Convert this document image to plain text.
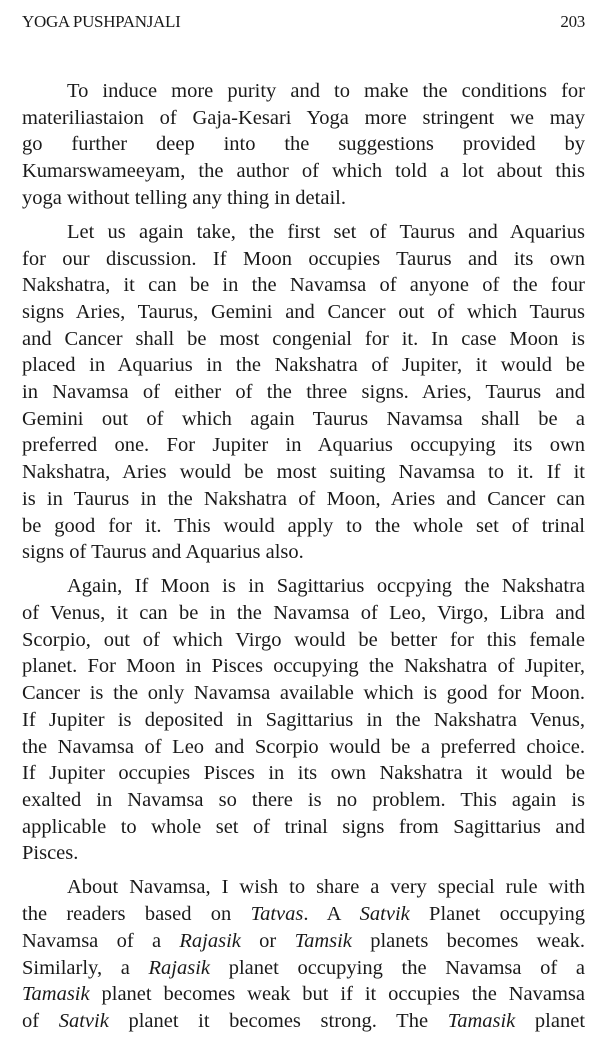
YOGA PUSHPANJALI	203
To induce more purity and to make the conditions for
materiliastaion of Gaja-Kesari Yoga more stringent we may
go further deep into the suggestions provided by
Kumarswameeyam, the author of which told a lot about this
yoga without telling any thing in detail.
Let us again take, the first set of Taurus and Aquarius
for our discussion. If Moon occupies Taurus and its own
Nakshatra, it can be in the Navamsa of anyone of the four
signs Aries, Taurus, Gemini and Cancer out of which Taurus
and Cancer shall be most congenial for it. In case Moon is
placed in Aquarius in the Nakshatra of Jupiter, it would be
in Navamsa of either of the three signs. Aries, Taurus and
Gemini out of which again Taurus Navamsa shall be a
preferred one. For Jupiter in Aquarius occupying its own
Nakshatra, Aries would be most suiting Navamsa to it. If it
is in Taurus in the Nakshatra of Moon, Aries and Cancer can
be good for it. This would apply to the whole set of trinal
signs of Taurus and Aquarius also.
Again, If Moon is in Sagittarius occpying the Nakshatra
of Venus, it can be in the Navamsa of Leo, Virgo, Libra and
Scorpio, out of which Virgo would be better for this female
planet. For Moon in Pisces occupying the Nakshatra of Jupiter,
Cancer is the only Navamsa available which is good for Moon.
If Jupiter is deposited in Sagittarius in the Nakshatra Venus,
the Navamsa of Leo and Scorpio would be a preferred choice.
If Jupiter occupies Pisces in its own Nakshatra it would be
exalted in Navamsa so there is no problem. This again is
applicable to whole set of trinal signs from Sagittarius and
Pisces.
About Navamsa, I wish to share a very special rule with
the readers based on Tatvas. A Satvik Planet occupying
Navamsa of a Rajasik or Tamsik planets becomes weak.
Similarly, a Rajasik planet occupying the Navamsa of a
Tamasik planet becomes weak but if it occupies the Navamsa
of Satvik planet it becomes strong. The Tamasik planet
